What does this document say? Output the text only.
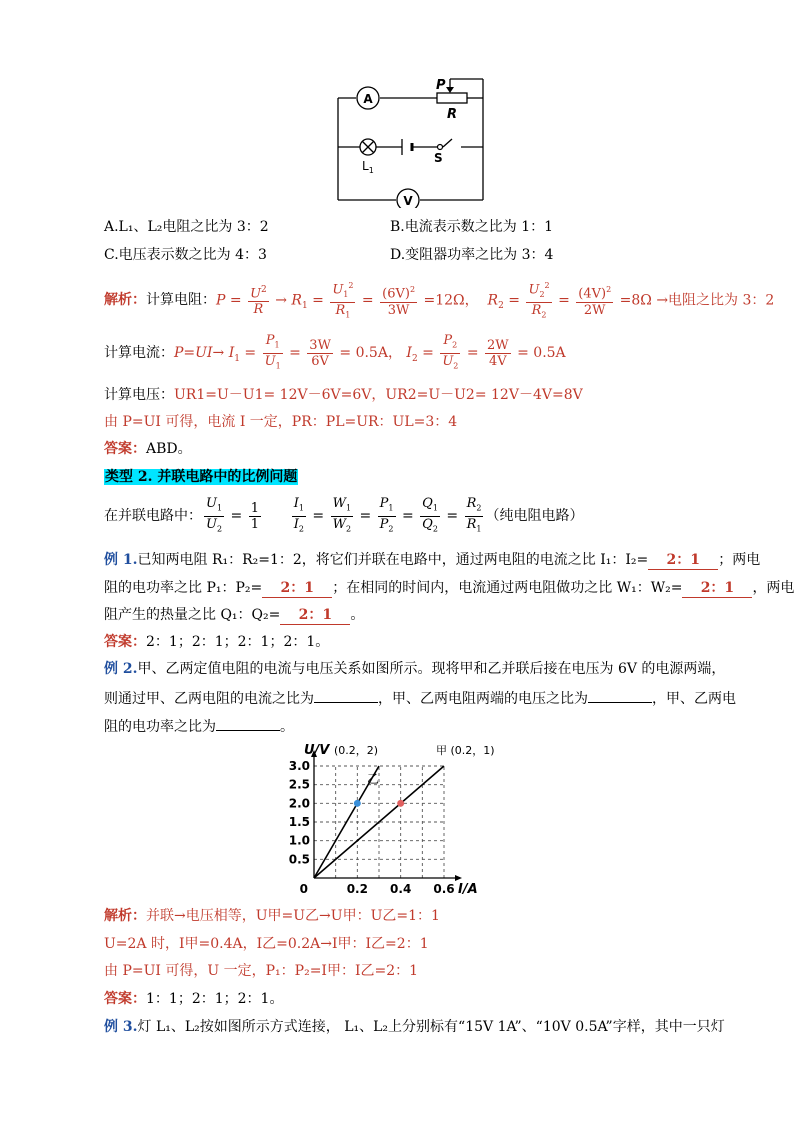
A
P
R
$L_1$
S
V
A.L₁、L₂电阻之比为 3：2	B.电流表示数之比为 1：1
C.电压表示数之比为 4：3	D.变阻器功率之比为 3：4
解析： 计算电阻： $P = \frac{U^2}{R} \to R_1 = \frac{U_1^2}{R_1} = \frac{(6V)^2}{3W} =12\Omega$， $R_2 = \frac{U_2^2}{R_2} = \frac{(4V)^2}{2W} =8\Omega$ →电阻之比为 3：2
计算电流： $P=UI\to I_1 = \frac{P_1}{U_1} = \frac{3W}{6V} = 0.5A$， $I_2 = \frac{P_2}{U_2} = \frac{2W}{4V} = 0.5A$
计算电压：UR1=U－U1= 12V－6V=6V，UR2=U－U2= 12V－4V=8V
由 P=UI 可得，电流 I 一定，PR：PL=UR：UL=3：4
答案：ABD。
类型 2. 并联电路中的比例问题
在并联电路中： $\frac{U_1}{U_2} = \frac{1}{1}$
$\frac{I_1}{I_2} = \frac{W_1}{W_2} = \frac{P_1}{P_2} = \frac{Q_1}{Q_2} = \frac{R_2}{R_1}$ （纯电阻电路）
例 1.已知两电阻 R₁：R₂=1：2，将它们并联在电路中，通过两电阻的电流之比 I₁：I₂= 2：1 ；两电
阻的电功率之比 P₁：P₂= 2：1 ；在相同的时间内，电流通过两电阻做功之比 W₁：W₂= 2：1 ，两电
阻产生的热量之比 Q₁：Q₂= 2：1 。
答案：2：1；2：1；2：1；2：1。
例 2.甲、乙两定值电阻的电流与电压关系如图所示。现将甲和乙并联后接在电压为 6V 的电源两端，
则通过甲、乙两电阻的电流之比为	，甲、乙两电阻两端的电压之比为	，甲、乙两电
阻的电功率之比为	。
U/V
I/A
0.5
1.0
1.5
2.0
2.5
3.0
0	0.2 0.4 0.6
乙
(0.2，2)	甲 (0.2，1)
解析：并联→电压相等，U甲=U乙→U甲：U乙=1：1
U=2A 时，I甲=0.4A，I乙=0.2A→I甲：I乙=2：1
由 P=UI 可得，U 一定，P₁：P₂=I甲：I乙=2：1
答案：1：1；2：1；2：1。
例 3.灯 L₁、L₂按如图所示方式连接， L₁、L₂上分别标有“15V 1A”、“10V 0.5A”字样，其中一只灯
